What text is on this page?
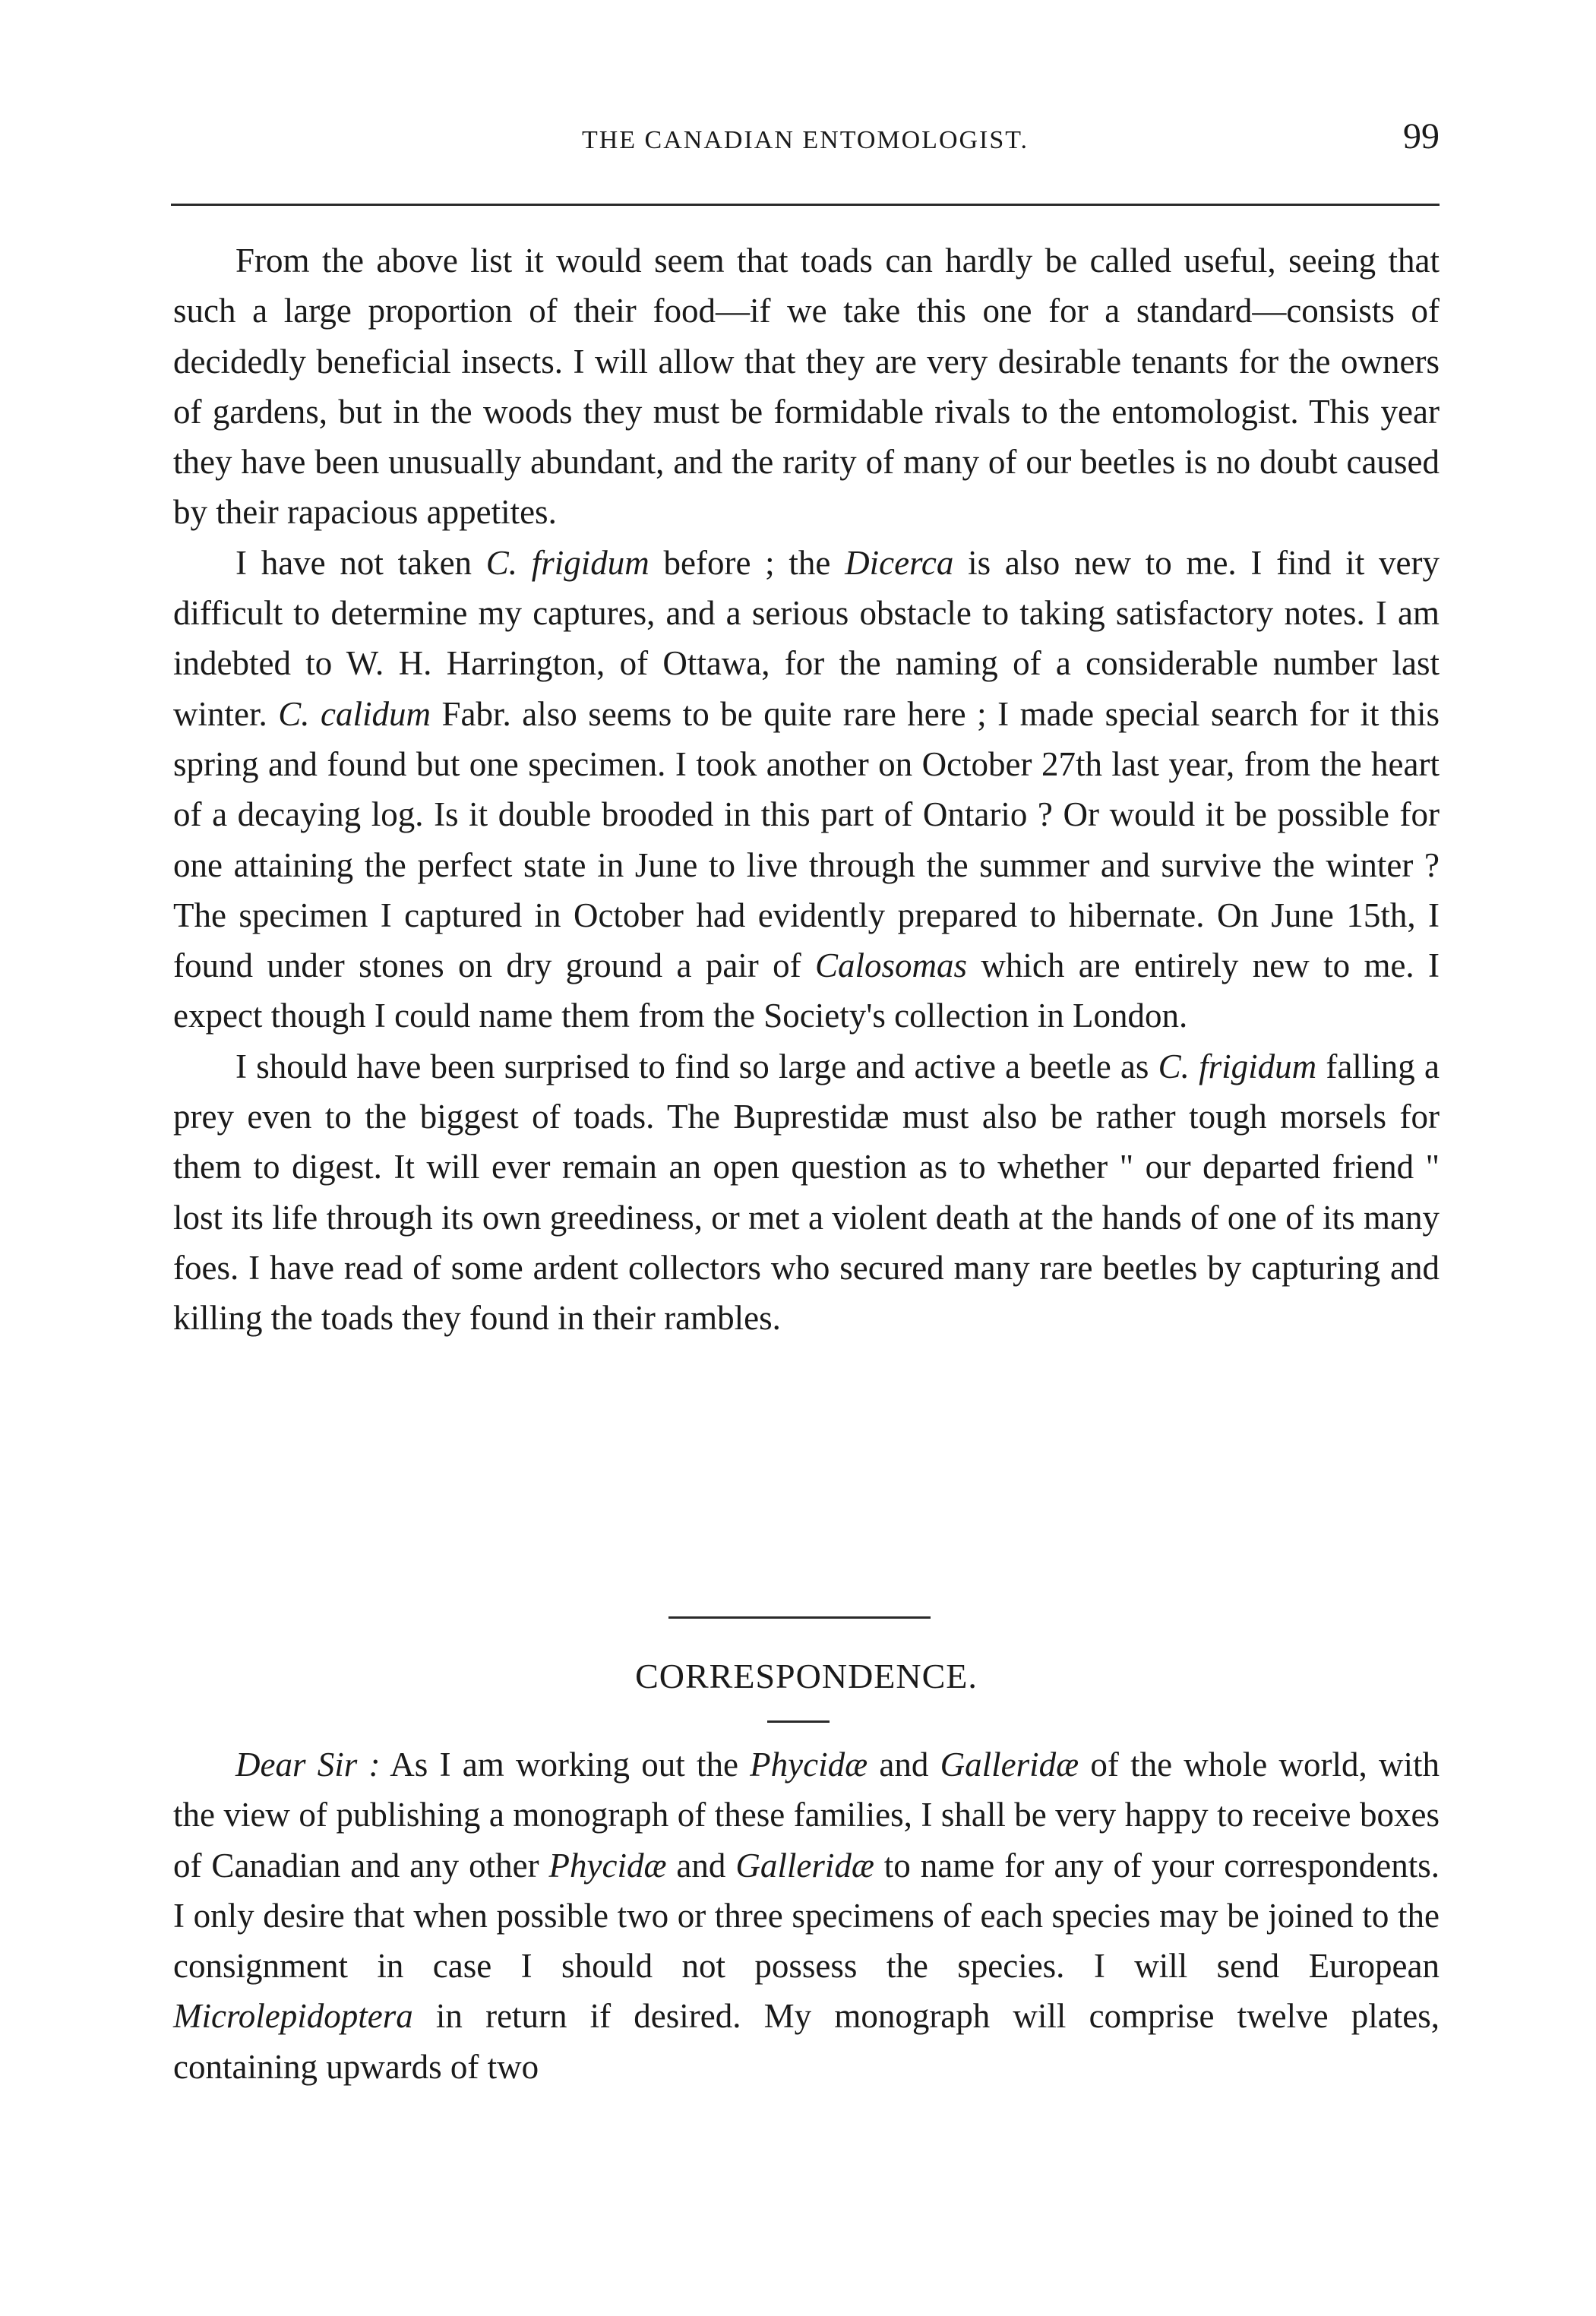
THE CANADIAN ENTOMOLOGIST.	99

From the above list it would seem that toads can hardly be called useful, seeing that such a large proportion of their food—if we take this one for a standard—consists of decidedly beneficial insects. I will allow that they are very desirable tenants for the owners of gardens, but in the woods they must be formidable rivals to the entomologist. This year they have been unusually abundant, and the rarity of many of our beetles is no doubt caused by their rapacious appetites.

I have not taken C. frigidum before ; the Dicerca is also new to me. I find it very difficult to determine my captures, and a serious obstacle to taking satisfactory notes. I am indebted to W. H. Harrington, of Ottawa, for the naming of a considerable number last winter. C. calidum Fabr. also seems to be quite rare here ; I made special search for it this spring and found but one specimen. I took another on October 27th last year, from the heart of a decaying log. Is it double brooded in this part of Ontario ? Or would it be possible for one attaining the perfect state in June to live through the summer and survive the winter ? The specimen I captured in October had evidently prepared to hibernate. On June 15th, I found under stones on dry ground a pair of Calosomas which are entirely new to me. I expect though I could name them from the Society's collection in London.

I should have been surprised to find so large and active a beetle as C. frigidum falling a prey even to the biggest of toads. The Buprestidæ must also be rather tough morsels for them to digest. It will ever remain an open question as to whether " our departed friend " lost its life through its own greediness, or met a violent death at the hands of one of its many foes. I have read of some ardent collectors who secured many rare beetles by capturing and killing the toads they found in their rambles.

CORRESPONDENCE.

Dear Sir : As I am working out the Phycidæ and Galleridæ of the whole world, with the view of publishing a monograph of these families, I shall be very happy to receive boxes of Canadian and any other Phycidæ and Galleridæ to name for any of your correspondents. I only desire that when possible two or three specimens of each species may be joined to the consignment in case I should not possess the species. I will send European Microlepidoptera in return if desired. My monograph will comprise twelve plates, containing upwards of two
